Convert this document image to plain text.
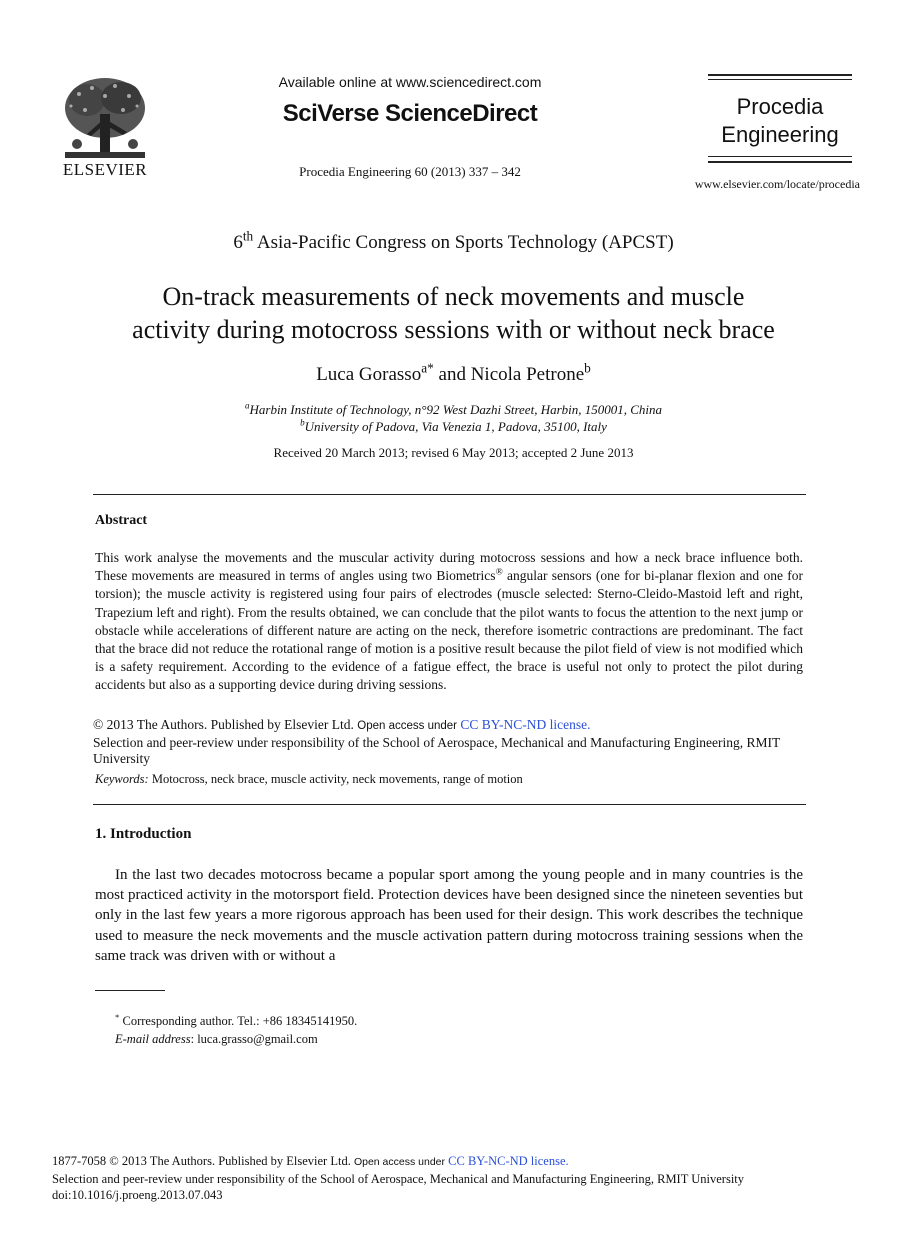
ELSEVIER
Available online at www.sciencedirect.com
SciVerse ScienceDirect
Procedia Engineering 60 (2013) 337 – 342
Procedia
Engineering
www.elsevier.com/locate/procedia
6th Asia-Pacific Congress on Sports Technology (APCST)
On-track measurements of neck movements and muscle
activity during motocross sessions with or without neck brace
Luca Gorasso$^{a*}$ and Nicola Petrone$^b$
$^a$Harbin Institute of Technology, n°92 West Dazhi Street, Harbin, 150001, China
$^b$University of Padova, Via Venezia 1, Padova, 35100, Italy
Received 20 March 2013; revised 6 May 2013; accepted 2 June 2013
Abstract
This work analyse the movements and the muscular activity during motocross sessions and how a neck brace influence both. These movements are measured in terms of angles using two Biometrics® angular sensors (one for bi-planar flexion and one for torsion); the muscle activity is registered using four pairs of electrodes (muscle selected: Sterno-Cleido-Mastoid left and right, Trapezium left and right). From the results obtained, we can conclude that the pilot wants to focus the attention to the next jump or obstacle while accelerations of different nature are acting on the neck, therefore isometric contractions are predominant. The fact that the brace did not reduce the rotational range of motion is a positive result because the pilot field of view is not modified which is a safety requirement. According to the evidence of a fatigue effect, the brace is useful not only to protect the pilot during accidents but also as a supporting device during driving sessions.
© 2013 The Authors. Published by Elsevier Ltd. Open access under CC BY-NC-ND license.
Selection and peer-review under responsibility of the School of Aerospace, Mechanical and Manufacturing Engineering, RMIT University
Keywords: Motocross, neck brace, muscle activity, neck movements, range of motion
1. Introduction
In the last two decades motocross became a popular sport among the young people and in many countries is the most practiced activity in the motorsport field. Protection devices have been designed since the nineteen seventies but only in the last few years a more rigorous approach has been used for their design. This work describes the technique used to measure the neck movements and the muscle activation pattern during motocross training sessions when the same track was driven with or without a
* Corresponding author. Tel.: +86 18345141950.
E-mail address: luca.grasso@gmail.com
1877-7058 © 2013 The Authors. Published by Elsevier Ltd. Open access under CC BY-NC-ND license.
Selection and peer-review under responsibility of the School of Aerospace, Mechanical and Manufacturing Engineering, RMIT University
doi:10.1016/j.proeng.2013.07.043
